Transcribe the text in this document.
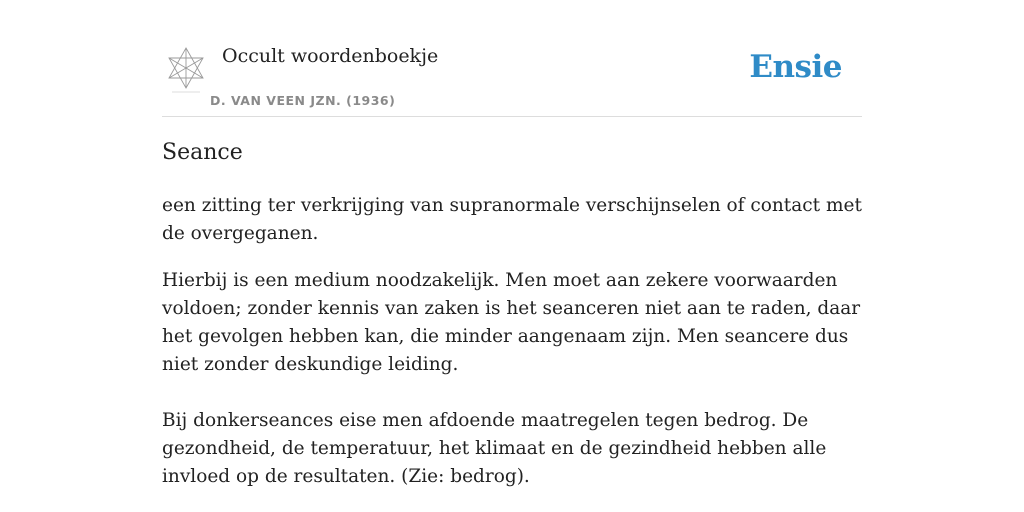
Occult woordenboekje
D. VAN VEEN JZN. (1936)
Ensie
Seance

een zitting ter verkrijging van supranormale verschijnselen of contact met de overgeganen.

Hierbij is een medium noodzakelijk. Men moet aan zekere voorwaarden voldoen; zonder kennis van zaken is het seanceren niet aan te raden, daar het gevolgen hebben kan, die minder aangenaam zijn. Men seancere dus niet zonder deskundige leiding.

Bij donkerseances eise men afdoende maatregelen tegen bedrog. De gezondheid, de temperatuur, het klimaat en de gezindheid hebben alle invloed op de resultaten. (Zie: bedrog).
